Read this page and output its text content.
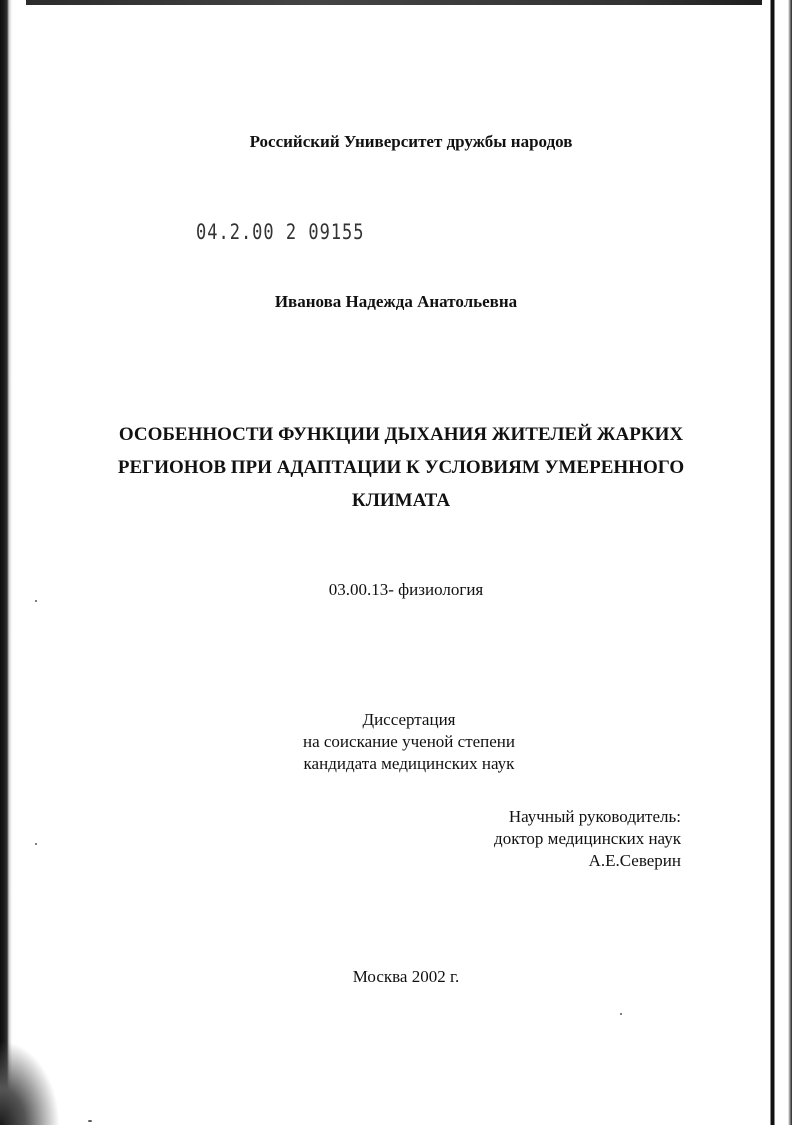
Российский Университет дружбы народов
04.2.00 2 09155
Иванова Надежда Анатольевна
ОСОБЕННОСТИ ФУНКЦИИ ДЫХАНИЯ ЖИТЕЛЕЙ ЖАРКИХ
РЕГИОНОВ ПРИ АДАПТАЦИИ К УСЛОВИЯМ УМЕРЕННОГО
КЛИМАТА
03.00.13- физиология
Диссертация
на соискание ученой степени
кандидата медицинских наук
Научный руководитель:
доктор медицинских наук
А.Е.Северин
Москва 2002 г.
